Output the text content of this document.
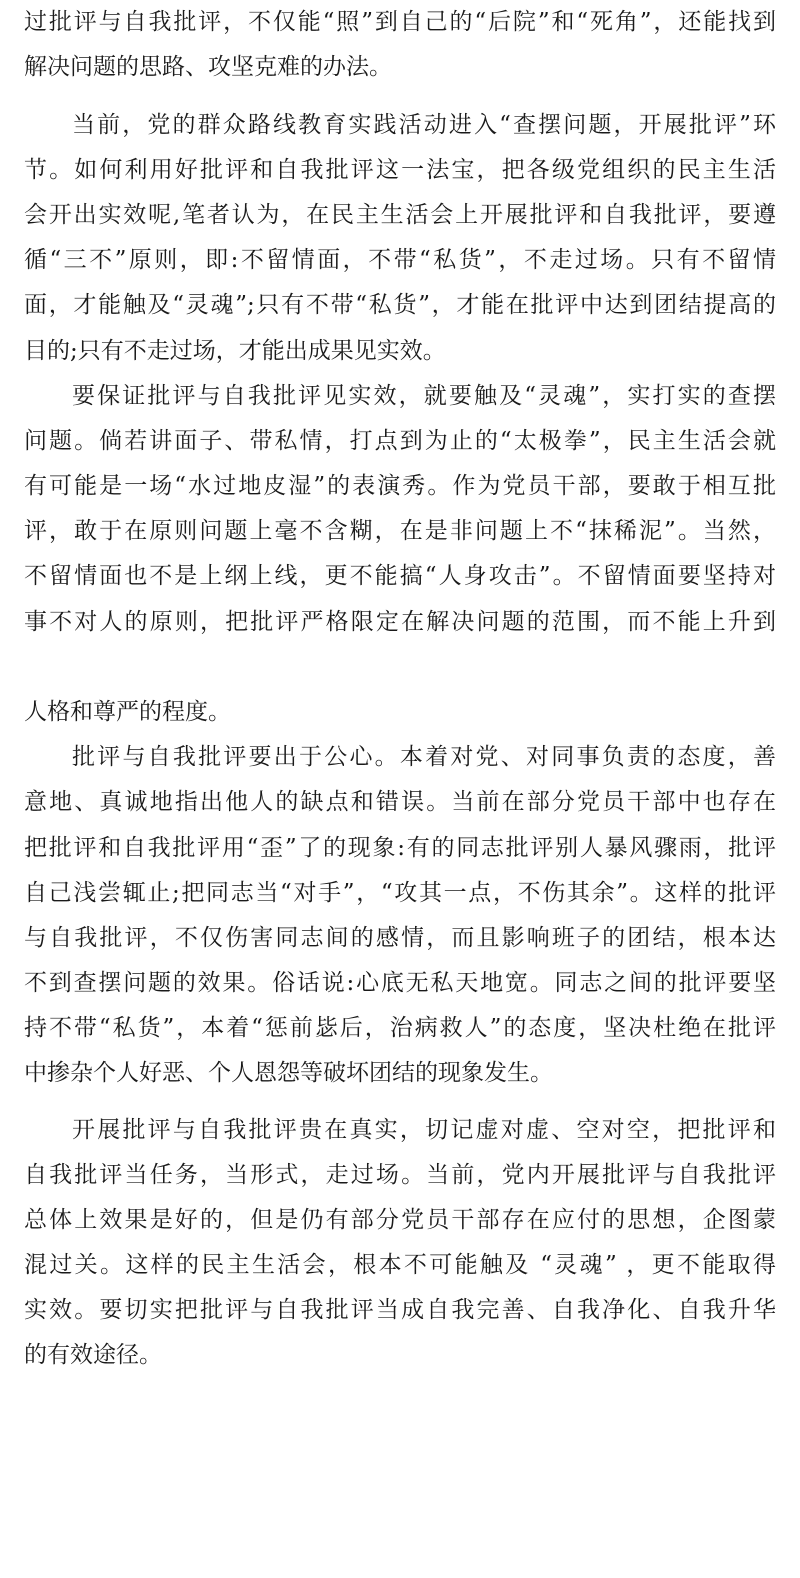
过批评与自我批评，不仅能“照”到自己的“后院”和“死角”，还能找到
解决问题的思路、攻坚克难的办法。
当前，党的群众路线教育实践活动进入“查摆问题，开展批评”环
节。如何利用好批评和自我批评这一法宝，把各级党组织的民主生活
会开出实效呢,笔者认为，在民主生活会上开展批评和自我批评，要遵
循“三不”原则，即:不留情面，不带“私货”，不走过场。只有不留情
面，才能触及“灵魂”;只有不带“私货”，才能在批评中达到团结提高的
目的;只有不走过场，才能出成果见实效。
要保证批评与自我批评见实效，就要触及“灵魂”，实打实的查摆
问题。倘若讲面子、带私情，打点到为止的“太极拳”，民主生活会就
有可能是一场“水过地皮湿”的表演秀。作为党员干部，要敢于相互批
评，敢于在原则问题上毫不含糊，在是非问题上不“抹稀泥”。当然，
不留情面也不是上纲上线，更不能搞“人身攻击”。不留情面要坚持对
事不对人的原则，把批评严格限定在解决问题的范围，而不能上升到
人格和尊严的程度。
批评与自我批评要出于公心。本着对党、对同事负责的态度，善
意地、真诚地指出他人的缺点和错误。当前在部分党员干部中也存在
把批评和自我批评用“歪”了的现象:有的同志批评别人暴风骤雨，批评
自己浅尝辄止;把同志当“对手”，“攻其一点，不伤其余”。这样的批评
与自我批评，不仅伤害同志间的感情，而且影响班子的团结，根本达
不到查摆问题的效果。俗话说:心底无私天地宽。同志之间的批评要坚
持不带“私货”，本着“惩前毖后，治病救人”的态度，坚决杜绝在批评
中掺杂个人好恶、个人恩怨等破坏团结的现象发生。
开展批评与自我批评贵在真实，切记虚对虚、空对空，把批评和
自我批评当任务，当形式，走过场。当前，党内开展批评与自我批评
总体上效果是好的，但是仍有部分党员干部存在应付的思想，企图蒙
混过关。这样的民主生活会，根本不可能触及 “灵魂” ，更不能取得
实效。要切实把批评与自我批评当成自我完善、自我净化、自我升华
的有效途径。
